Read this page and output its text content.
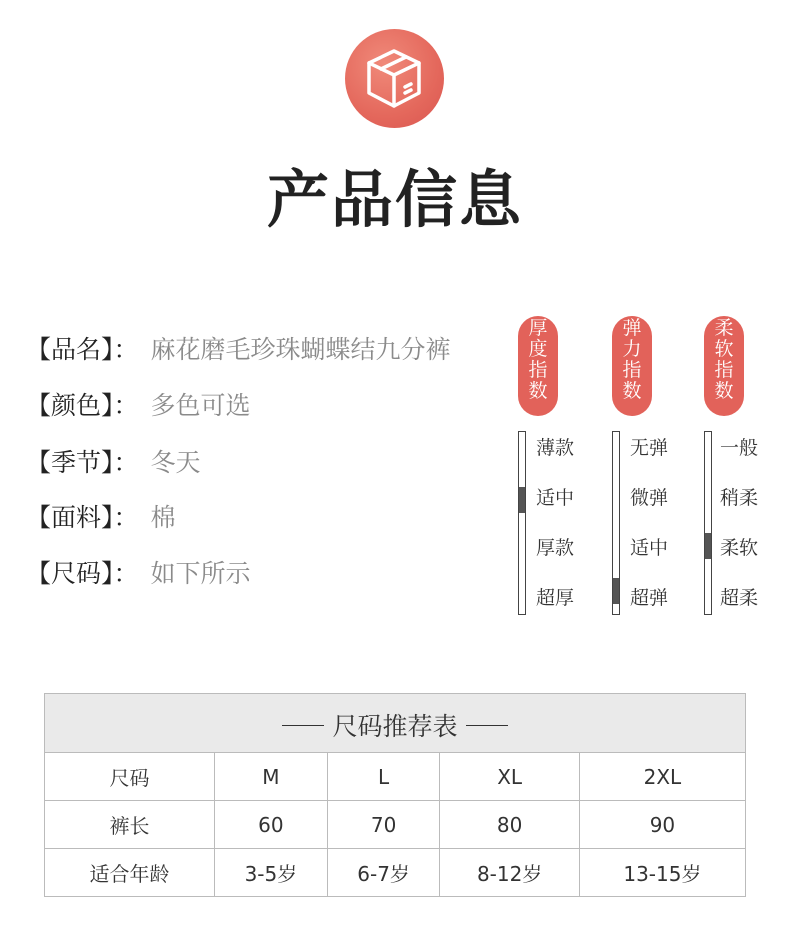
产品信息
【品名】： 麻花磨毛珍珠蝴蝶结九分裤
【颜色】： 多色可选
【季节】： 冬天
【面料】： 棉
【尺码】： 如下所示
厚
度
指
数
薄款
适中
厚款
超厚
弹
力
指
数
无弹
微弹
适中
超弹
柔
软
指
数
一般
稍柔
柔软
超柔
尺码推荐表				

尺码	M	L	XL	2XL
裤长	60	70	80	90
适合年龄	3-5岁	6-7岁	8-12岁	13-15岁
